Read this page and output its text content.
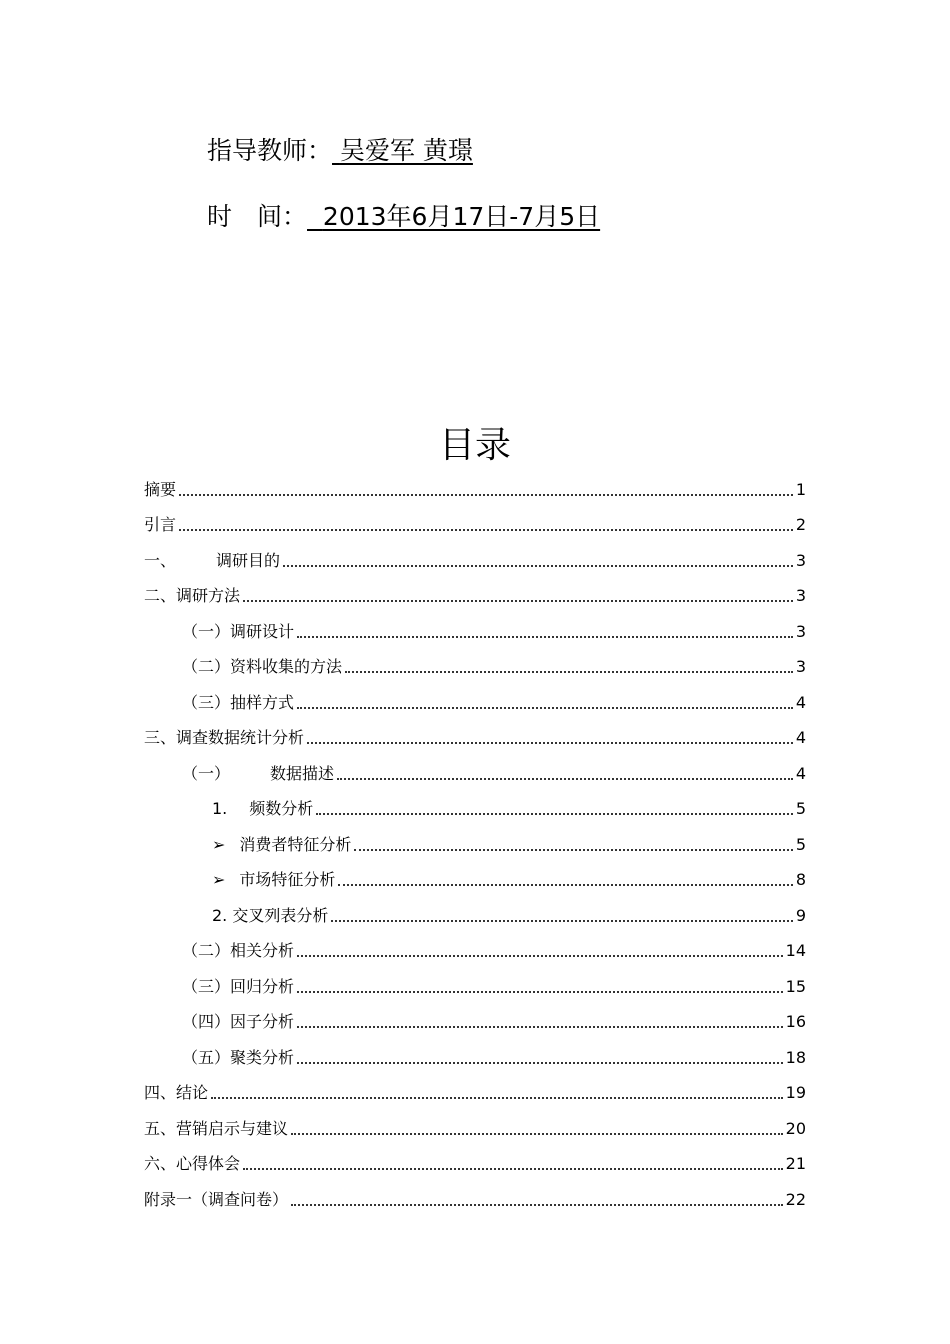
指导教师： 吴爱军 黄璟
时　间： 2013年6月17日-7月5日
目录
摘要	1
引言	2
一、	调研目的	3
二、调研方法	3
（一）调研设计	3
（二）资料收集的方法	3
（三）抽样方式	4
三、调查数据统计分析	4
（一）	数据描述	4
1. 频数分析	5
➢ 消费者特征分析	5
➢ 市场特征分析	8
2. 交叉列表分析	9
（二）相关分析	14
（三）回归分析	15
（四）因子分析	16
（五）聚类分析	18
四、结论	19
五、营销启示与建议	20
六、心得体会	21
附录一（调查问卷）	22
